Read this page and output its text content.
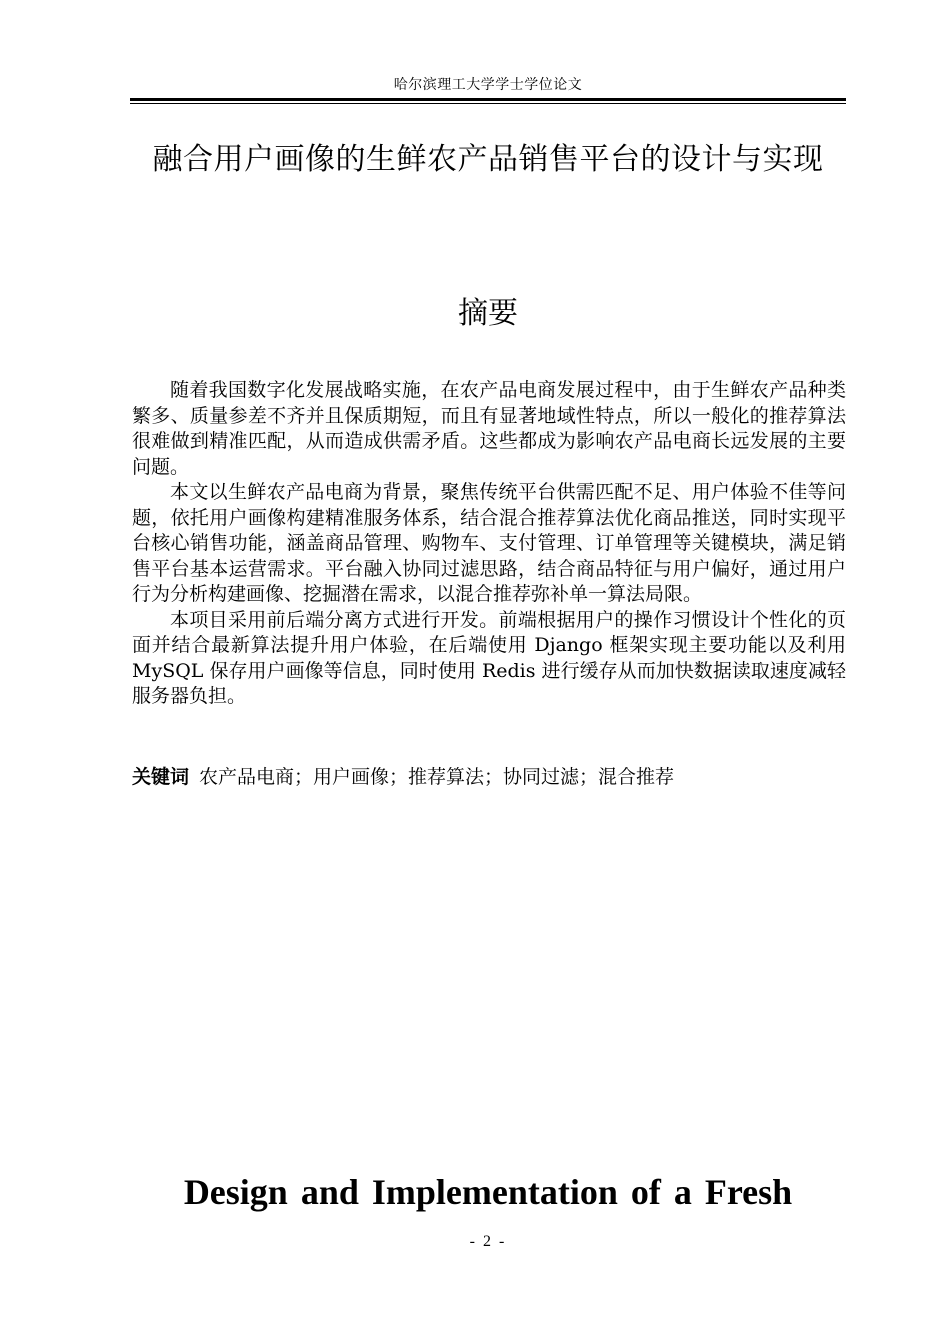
哈尔滨理工大学学士学位论文
融合用户画像的生鲜农产品销售平台的设计与实现
摘要

随着我国数字化发展战略实施，在农产品电商发展过程中，由于生鲜农产品种类繁多、质量参差不齐并且保质期短，而且有显著地域性特点，所以一般化的推荐算法很难做到精准匹配，从而造成供需矛盾。这些都成为影响农产品电商长远发展的主要问题。

本文以生鲜农产品电商为背景，聚焦传统平台供需匹配不足、用户体验不佳等问题，依托用户画像构建精准服务体系，结合混合推荐算法优化商品推送，同时实现平台核心销售功能，涵盖商品管理、购物车、支付管理、订单管理等关键模块，满足销售平台基本运营需求。平台融入协同过滤思路，结合商品特征与用户偏好，通过用户行为分析构建画像、挖掘潜在需求，以混合推荐弥补单一算法局限。

本项目采用前后端分离方式进行开发。前端根据用户的操作习惯设计个性化的页面并结合最新算法提升用户体验，在后端使用 Django 框架实现主要功能以及利用 MySQL 保存用户画像等信息，同时使用 Redis 进行缓存从而加快数据读取速度减轻服务器负担。

关键词 农产品电商；用户画像；推荐算法；协同过滤；混合推荐
Design and Implementation of a Fresh
- 2 -
